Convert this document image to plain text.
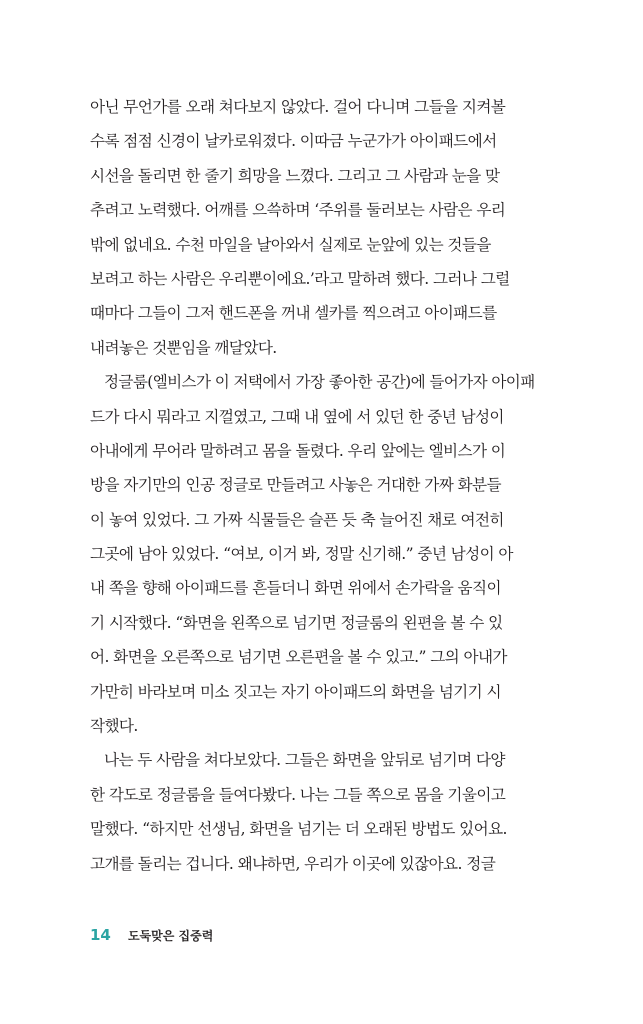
아닌 무언가를 오래 쳐다보지 않았다. 걸어 다니며 그들을 지켜볼
수록 점점 신경이 날카로워졌다. 이따금 누군가가 아이패드에서
시선을 돌리면 한 줄기 희망을 느꼈다. 그리고 그 사람과 눈을 맞
추려고 노력했다. 어깨를 으쓱하며 ‘주위를 둘러보는 사람은 우리
밖에 없네요. 수천 마일을 날아와서 실제로 눈앞에 있는 것들을
보려고 하는 사람은 우리뿐이에요.’라고 말하려 했다. 그러나 그럴
때마다 그들이 그저 핸드폰을 꺼내 셀카를 찍으려고 아이패드를
내려놓은 것뿐임을 깨달았다.
정글룸(엘비스가 이 저택에서 가장 좋아한 공간)에 들어가자 아이패
드가 다시 뭐라고 지껄였고, 그때 내 옆에 서 있던 한 중년 남성이
아내에게 무어라 말하려고 몸을 돌렸다. 우리 앞에는 엘비스가 이
방을 자기만의 인공 정글로 만들려고 사놓은 거대한 가짜 화분들
이 놓여 있었다. 그 가짜 식물들은 슬픈 듯 축 늘어진 채로 여전히
그곳에 남아 있었다. “여보, 이거 봐, 정말 신기해.” 중년 남성이 아
내 쪽을 향해 아이패드를 흔들더니 화면 위에서 손가락을 움직이
기 시작했다. “화면을 왼쪽으로 넘기면 정글룸의 왼편을 볼 수 있
어. 화면을 오른쪽으로 넘기면 오른편을 볼 수 있고.” 그의 아내가
가만히 바라보며 미소 짓고는 자기 아이패드의 화면을 넘기기 시
작했다.
나는 두 사람을 쳐다보았다. 그들은 화면을 앞뒤로 넘기며 다양
한 각도로 정글룸을 들여다봤다. 나는 그들 쪽으로 몸을 기울이고
말했다. “하지만 선생님, 화면을 넘기는 더 오래된 방법도 있어요.
고개를 돌리는 겁니다. 왜냐하면, 우리가 이곳에 있잖아요. 정글
14 도둑맞은 집중력
